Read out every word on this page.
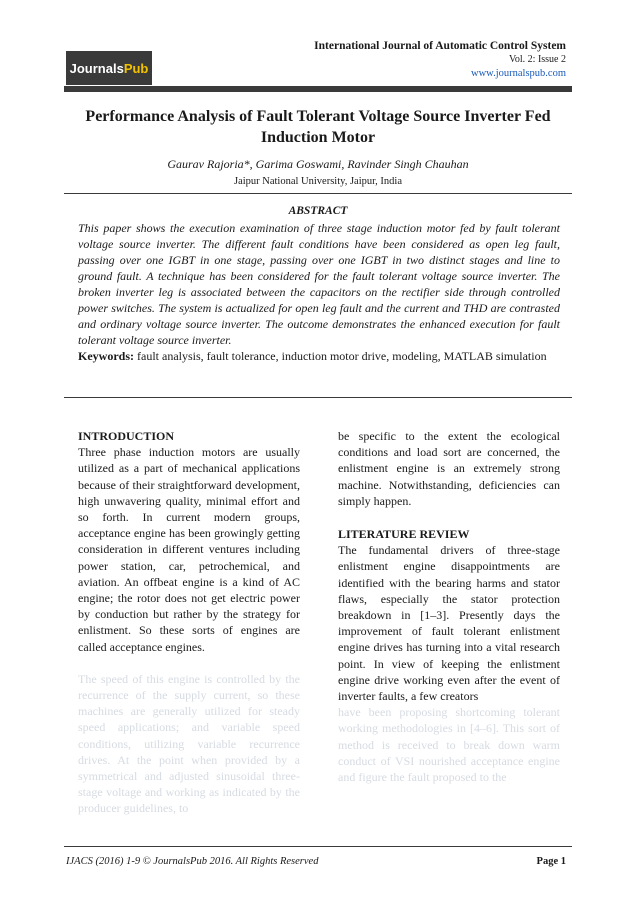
Journals Pub
International Journal of Automatic Control System
Vol. 2: Issue 2
www.journalspub.com
Performance Analysis of Fault Tolerant Voltage Source Inverter Fed Induction Motor
Gaurav Rajoria*, Garima Goswami, Ravinder Singh Chauhan
Jaipur National University, Jaipur, India
ABSTRACT

This paper shows the execution examination of three stage induction motor fed by fault tolerant voltage source inverter. The different fault conditions have been considered as open leg fault, passing over one IGBT in one stage, passing over one IGBT in two distinct stages and line to ground fault. A technique has been considered for the fault tolerant voltage source inverter. The broken inverter leg is associated between the capacitors on the rectifier side through controlled power switches. The system is actualized for open leg fault and the current and THD are contrasted and ordinary voltage source inverter. The outcome demonstrates the enhanced execution for fault tolerant voltage source inverter.

Keywords: fault analysis, fault tolerance, induction motor drive, modeling, MATLAB simulation

INTRODUCTION

Three phase induction motors are usually utilized as a part of mechanical applications because of their straightforward development, high unwavering quality, minimal effort and so forth. In current modern groups, acceptance engine has been growingly getting consideration in different ventures including power station, car, petrochemical, and aviation. An offbeat engine is a kind of AC engine; the rotor does not get electric power by conduction but rather by the strategy for enlistment. So these sorts of engines are called acceptance engines.

The speed of this engine is controlled by the recurrence of the supply current, so these machines are generally utilized for steady speed applications; and variable speed conditions, utilizing variable recurrence drives. At the point when provided by a symmetrical and adjusted sinusoidal three-stage voltage and working as indicated by the producer guidelines, to

be specific to the extent the ecological conditions and load sort are concerned, the enlistment engine is an extremely strong machine. Notwithstanding, deficiencies can simply happen.

LITERATURE REVIEW

The fundamental drivers of three-stage enlistment engine disappointments are identified with the bearing harms and stator flaws, especially the stator protection breakdown in [1–3]. Presently days the improvement of fault tolerant enlistment engine drives has turning into a vital research point. In view of keeping the enlistment engine drive working even after the event of inverter faults, a few creators

have been proposing shortcoming tolerant working methodologies in [4–6]. This sort of method is received to break down warm conduct of VSI nourished acceptance engine and figure the fault proposed to the

IJACS (2016) 1-9 © JournalsPub 2016. All Rights Reserved	Page 1
